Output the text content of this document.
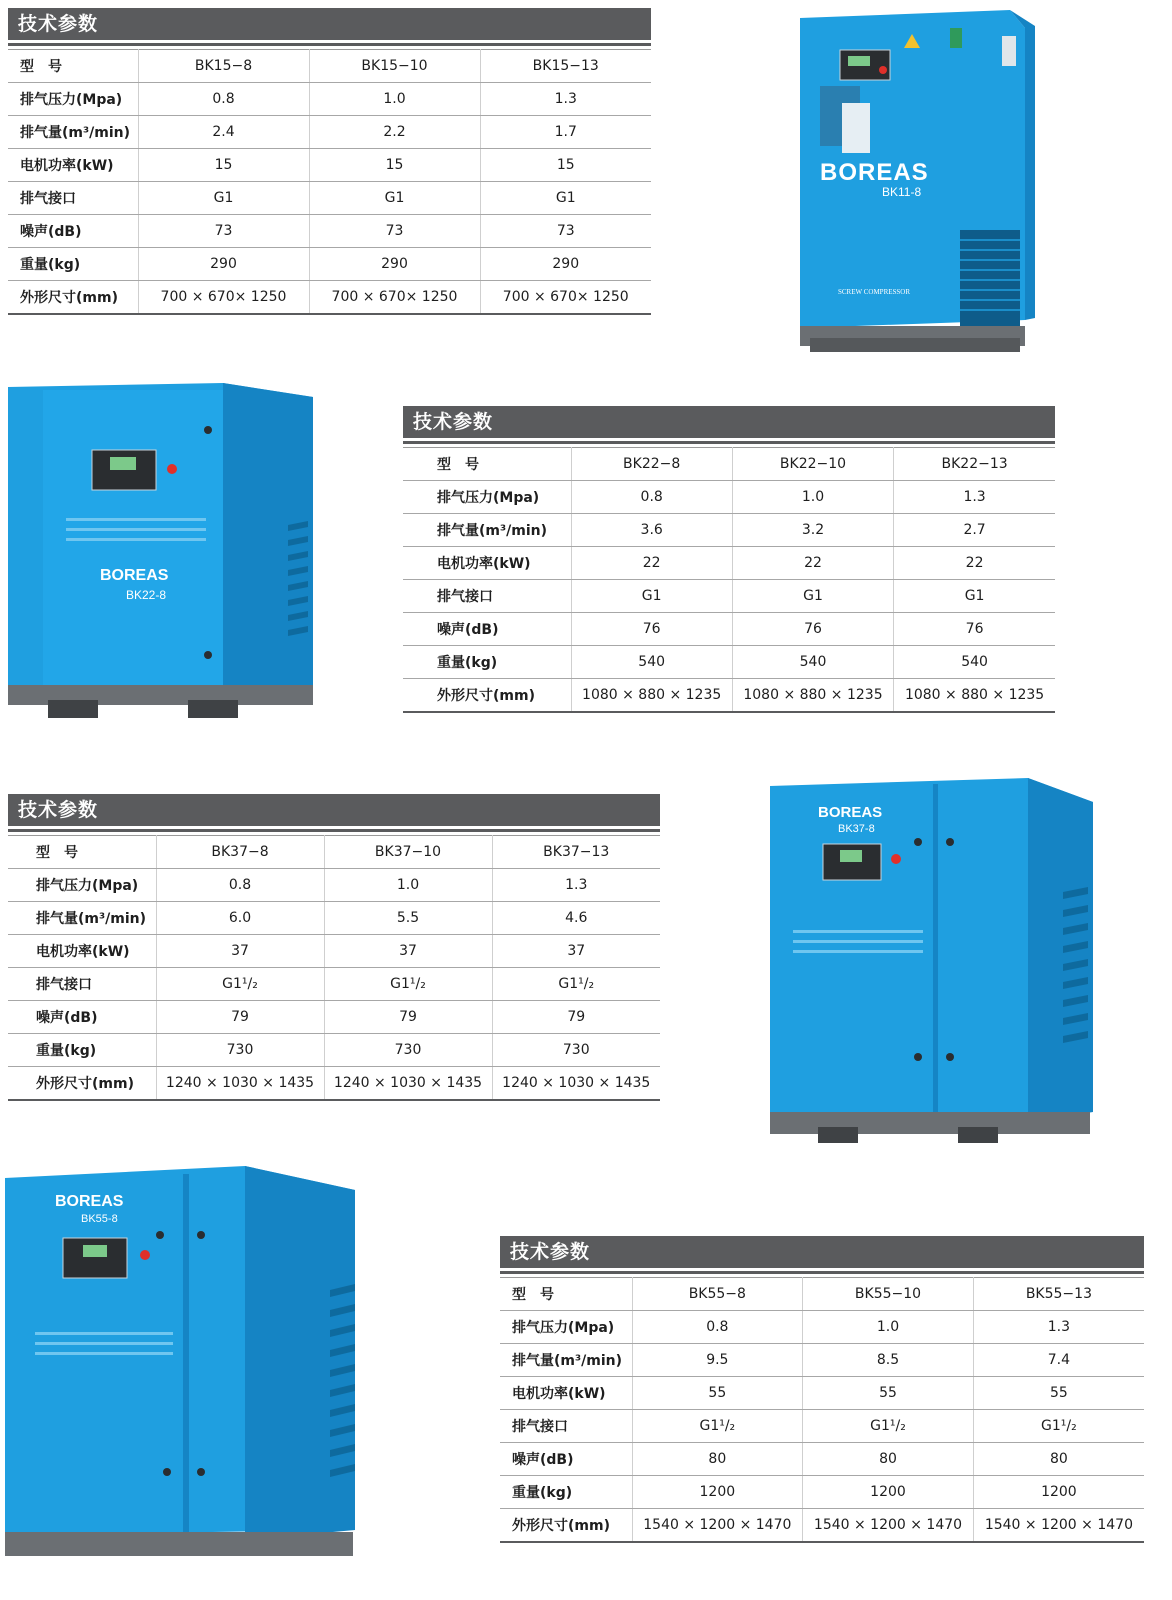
技术参数
型　号	BK15−8	BK15−10	BK15−13
排气压力(Mpa)	0.8	1.0	1.3
排气量(m³/min)	2.4	2.2	1.7
电机功率(kW)	15	15	15
排气接口	G1	G1	G1
噪声(dB)	73	73	73
重量(kg)	290	290	290
外形尺寸(mm)	700 × 670× 1250	700 × 670× 1250	700 × 670× 1250
BOREAS
BK11-8
SCREW COMPRESSOR
BOREAS
BK22-8
技术参数
型　号	BK22−8	BK22−10	BK22−13
排气压力(Mpa)	0.8	1.0	1.3
排气量(m³/min)	3.6	3.2	2.7
电机功率(kW)	22	22	22
排气接口	G1	G1	G1
噪声(dB)	76	76	76
重量(kg)	540	540	540
外形尺寸(mm)	1080 × 880 × 1235	1080 × 880 × 1235	1080 × 880 × 1235
技术参数
型　号	BK37−8	BK37−10	BK37−13
排气压力(Mpa)	0.8	1.0	1.3
排气量(m³/min)	6.0	5.5	4.6
电机功率(kW)	37	37	37
排气接口	G1¹/₂	G1¹/₂	G1¹/₂
噪声(dB)	79	79	79
重量(kg)	730	730	730
外形尺寸(mm)	1240 × 1030 × 1435	1240 × 1030 × 1435	1240 × 1030 × 1435
BOREAS
BK37-8
BOREAS
BK55-8
技术参数
型　号	BK55−8	BK55−10	BK55−13
排气压力(Mpa)	0.8	1.0	1.3
排气量(m³/min)	9.5	8.5	7.4
电机功率(kW)	55	55	55
排气接口	G1¹/₂	G1¹/₂	G1¹/₂
噪声(dB)	80	80	80
重量(kg)	1200	1200	1200
外形尺寸(mm)	1540 × 1200 × 1470	1540 × 1200 × 1470	1540 × 1200 × 1470
